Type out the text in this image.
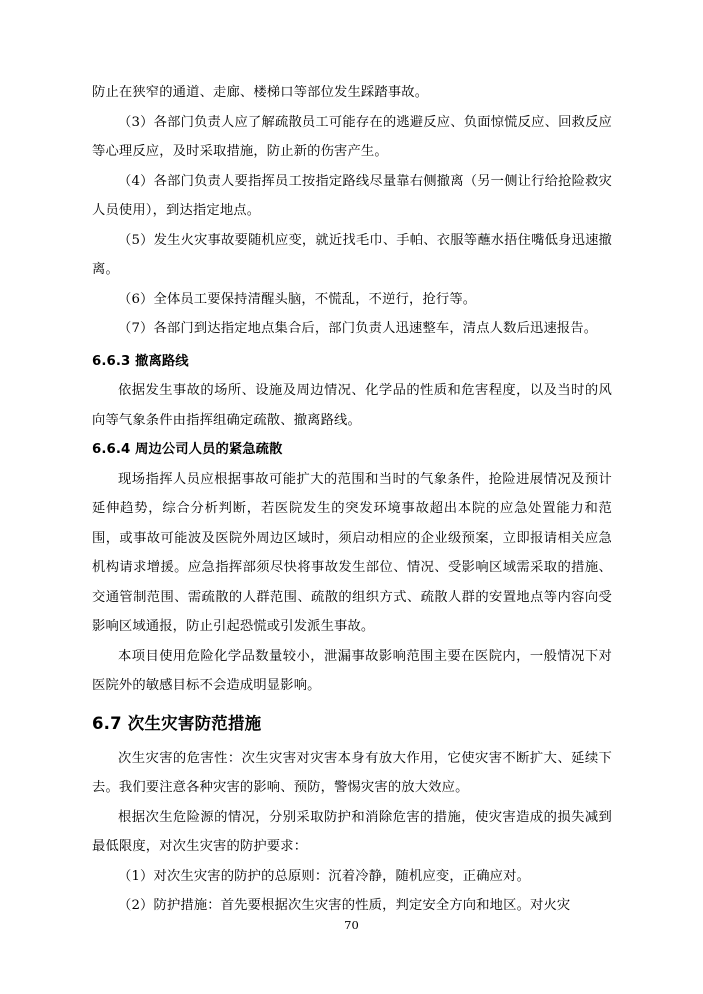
防止在狭窄的通道、走廊、楼梯口等部位发生踩踏事故。

（3）各部门负责人应了解疏散员工可能存在的逃避反应、负面惊慌反应、回救反应等心理反应，及时采取措施，防止新的伤害产生。

（4）各部门负责人要指挥员工按指定路线尽量靠右侧撤离（另一侧让行给抢险救灾人员使用），到达指定地点。

（5）发生火灾事故要随机应变，就近找毛巾、手帕、衣服等蘸水捂住嘴低身迅速撤离。

（6）全体员工要保持清醒头脑，不慌乱，不逆行，抢行等。

（7）各部门到达指定地点集合后，部门负责人迅速整车，清点人数后迅速报告。

6.6.3 撤离路线

依据发生事故的场所、设施及周边情况、化学品的性质和危害程度，以及当时的风向等气象条件由指挥组确定疏散、撤离路线。

6.6.4 周边公司人员的紧急疏散

现场指挥人员应根据事故可能扩大的范围和当时的气象条件，抢险进展情况及预计延伸趋势，综合分析判断，若医院发生的突发环境事故超出本院的应急处置能力和范围，或事故可能波及医院外周边区域时，须启动相应的企业级预案，立即报请相关应急机构请求增援。应急指挥部须尽快将事故发生部位、情况、受影响区域需采取的措施、交通管制范围、需疏散的人群范围、疏散的组织方式、疏散人群的安置地点等内容向受影响区域通报，防止引起恐慌或引发派生事故。

本项目使用危险化学品数量较小，泄漏事故影响范围主要在医院内，一般情况下对医院外的敏感目标不会造成明显影响。

6.7 次生灾害防范措施

次生灾害的危害性：次生灾害对灾害本身有放大作用，它使灾害不断扩大、延续下去。我们要注意各种灾害的影响、预防，警惕灾害的放大效应。

根据次生危险源的情况，分别采取防护和消除危害的措施，使灾害造成的损失减到最低限度，对次生灾害的防护要求：

（1）对次生灾害的防护的总原则：沉着冷静，随机应变，正确应对。

（2）防护措施：首先要根据次生灾害的性质，判定安全方向和地区。对火灾

70
